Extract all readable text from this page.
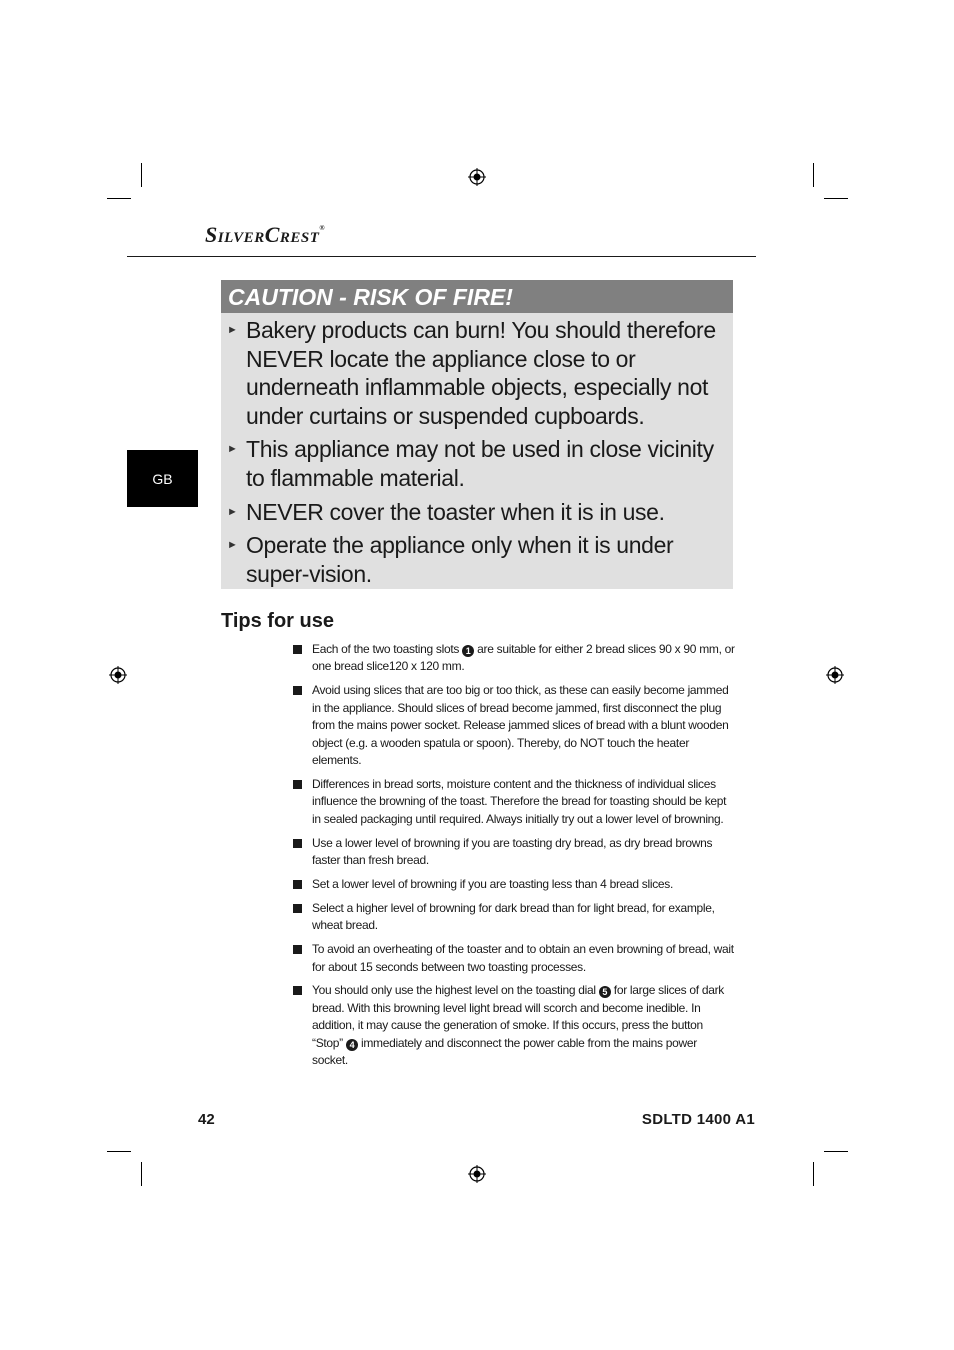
SilverCrest®
GB
CAUTION - RISK OF FIRE!
► Bakery products can burn! You should therefore NEVER locate the appliance close to or underneath inflammable objects, especially not under curtains or suspended cupboards.
► This appliance may not be used in close vicinity to flammable material.
► NEVER cover the toaster when it is in use.
► Operate the appliance only when it is under super-vision.
Tips for use
Each of the two toasting slots 1 are suitable for either 2 bread slices 90 x 90 mm, or one bread slice120 x 120 mm.
Avoid using slices that are too big or too thick, as these can easily become jammed in the appliance. Should slices of bread become jammed, first disconnect the plug from the mains power socket. Release jammed slices of bread with a blunt wooden object (e.g. a wooden spatula or spoon). Thereby, do NOT touch the heater elements.
Differences in bread sorts, moisture content and the thickness of individual slices influence the browning of the toast. Therefore the bread for toasting should be kept in sealed packaging until required. Always initially try out a lower level of browning.
Use a lower level of browning if you are toasting dry bread, as dry bread browns faster than fresh bread.
Set a lower level of browning if you are toasting less than 4 bread slices.
Select a higher level of browning for dark bread than for light bread, for example, wheat bread.
To avoid an overheating of the toaster and to obtain an even browning of bread, wait for about 15 seconds between two toasting processes.
You should only use the highest level on the toasting dial 5 for large slices of dark bread. With this browning level light bread will scorch and become inedible. In addition, it may cause the generation of smoke. If this occurs, press the button “Stop” 4 immediately and disconnect the power cable from the mains power socket.
42	SDLTD 1400 A1
